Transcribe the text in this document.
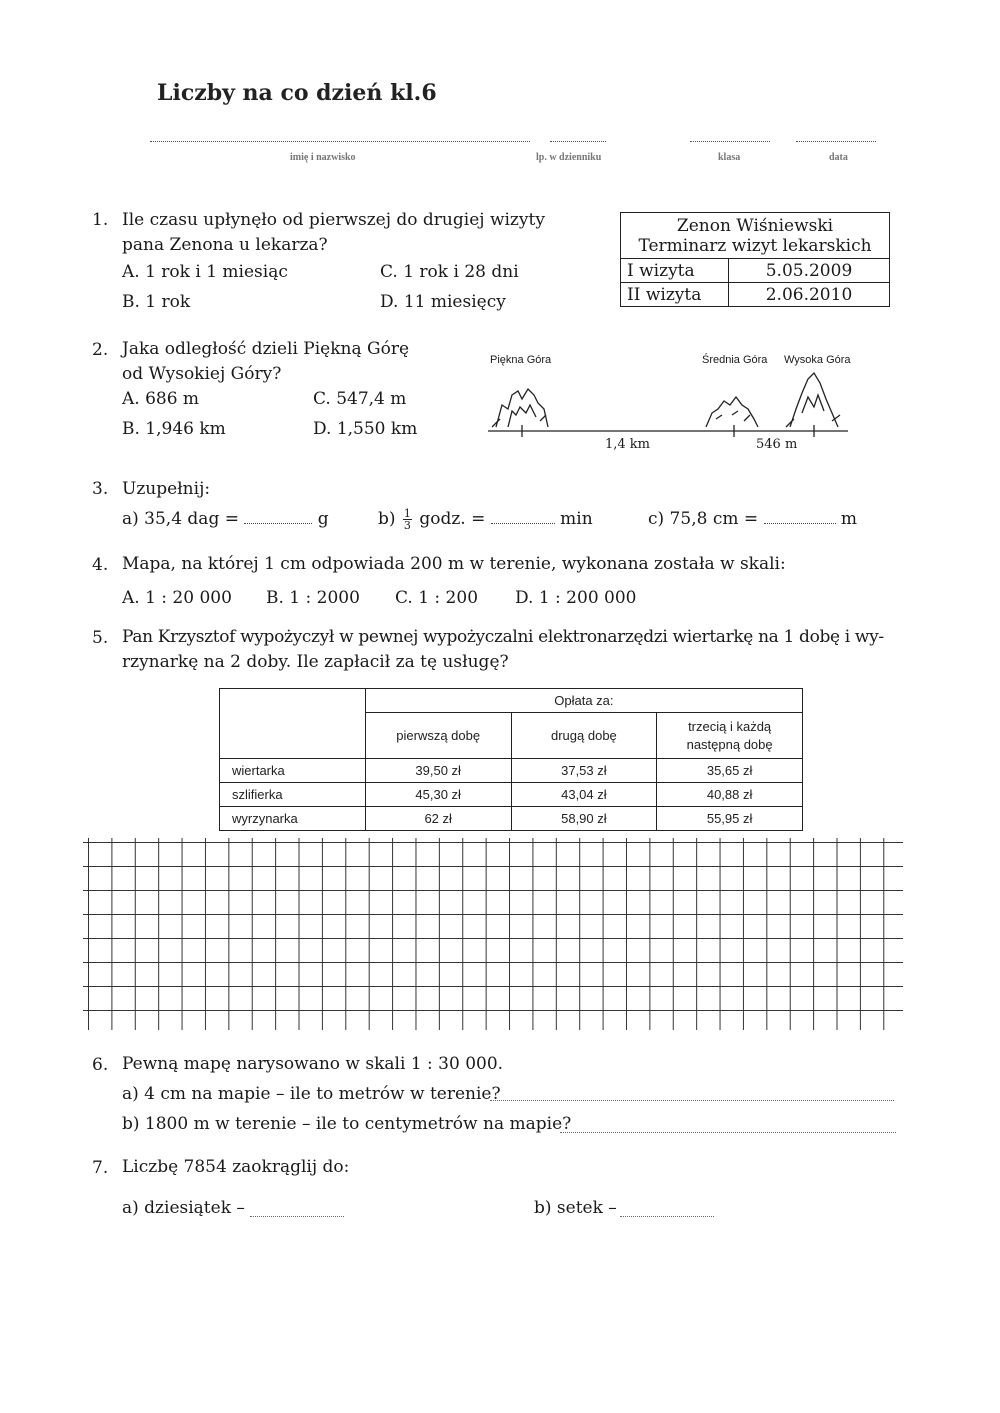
Liczby na co dzień kl.6
imię i nazwisko	lp. w dzienniku	klasa	data
1. Ile czasu upłynęło od pierwszej do drugiej wizyty
pana Zenona u lekarza?
A. 1 rok i 1 miesiąc	C. 1 rok i 28 dni
B. 1 rok	D. 11 miesięcy
Zenon Wiśniewski
Terminarz wizyt lekarskich	

I wizyta	5.05.2009
II wizyta	2.06.2010
2. Jaka odległość dzieli Piękną Górę
od Wysokiej Góry?
A. 686 m	C. 547,4 m
B. 1,946 km	D. 1,550 km
Piękna Góra	Średnia Góra Wysoka Góra
1,4 km	546 m
3. Uzupełnij:
a) 35,4 dag =	g	$b) \frac{1}{3}$ godz. =	min	c) 75,8 cm =	m
4. Mapa, na której 1 cm odpowiada 200 m w terenie, wykonana została w skali:
A. 1 : 20 000 B. 1 : 2000 C. 1 : 200 D. 1 : 200 000
5. Pan Krzysztof wypożyczył w pewnej wypożyczalni elektronarzędzi wiertarkę na 1 dobę i wy-
rzynarkę na 2 doby. Ile zapłacił za tę usługę?
	Opłata za:		
	pierwszą dobę	drugą dobę	trzecią i każdą
następną dobę

wiertarka	39,50 zł	37,53 zł	35,65 zł
szlifierka	45,30 zł	43,04 zł	40,88 zł
wyrzynarka	62 zł	58,90 zł	55,95 zł
6. Pewną mapę narysowano w skali 1 : 30 000.
a) 4 cm na mapie – ile to metrów w terenie?
b) 1800 m w terenie – ile to centymetrów na mapie?
7. Liczbę 7854 zaokrąglij do:
a) dziesiątek –	b) setek –
